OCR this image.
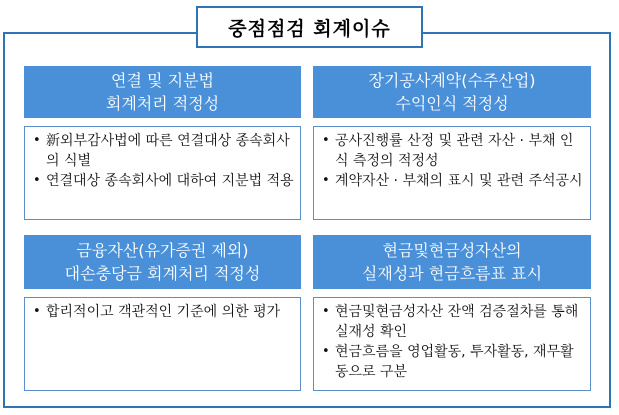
중점점검 회계이슈
연결 및 지분법
회계처리 적정성
• 新외부감사법에 따른 연결대상 종속회사의 식별
• 연결대상 종속회사에 대하여 지분법 적용
장기공사계약(수주산업)
수익인식 적정성
• 공사진행률 산정 및 관련 자산 · 부채 인식 측정의 적정성
• 계약자산 · 부채의 표시 및 관련 주석공시
금융자산(유가증권 제외)
대손충당금 회계처리 적정성
• 합리적이고 객관적인 기준에 의한 평가
현금및현금성자산의
실재성과 현금흐름표 표시
• 현금및현금성자산 잔액 검증절차를 통해 실재성 확인
• 현금흐름을 영업활동, 투자활동, 재무활동으로 구분
